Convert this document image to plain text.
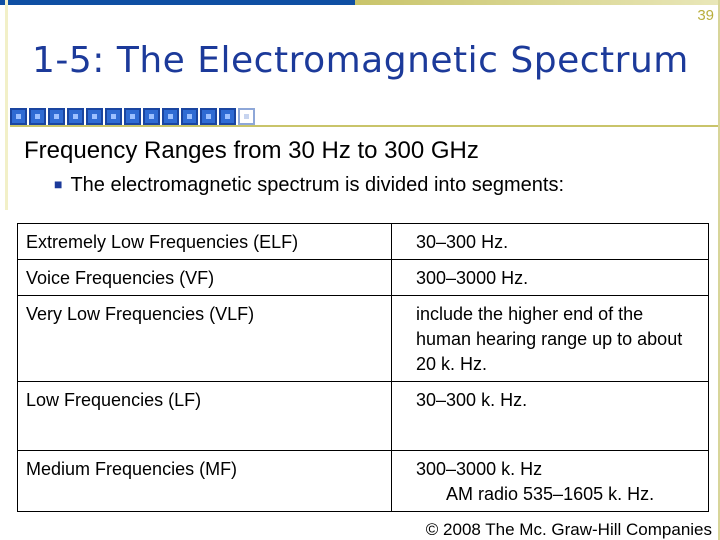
39
1-5: The Electromagnetic Spectrum
Frequency Ranges from 30 Hz to 300 GHz
■ The electromagnetic spectrum is divided into segments:
Extremely Low Frequencies (ELF)	30–300 Hz.
Voice Frequencies (VF)	300–3000 Hz.
Very Low Frequencies (VLF)	include the higher end of the human hearing range up to about 20 k. Hz.
Low Frequencies (LF)	30–300 k. Hz.
Medium Frequencies (MF)	300–3000 k. Hz
AM radio 535–1605 k. Hz.
© 2008 The Mc. Graw-Hill Companies
